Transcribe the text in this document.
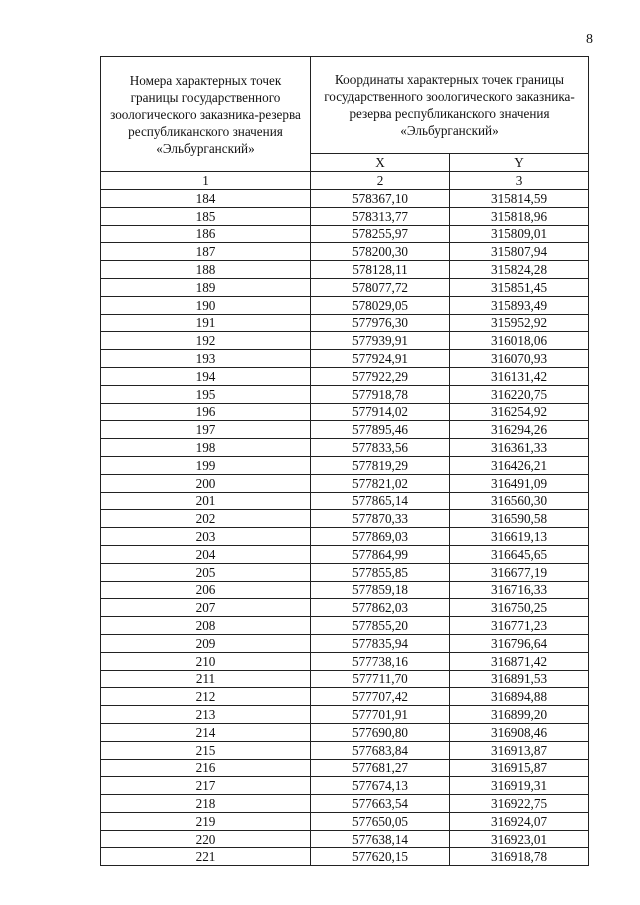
8
Номера характерных точек границы государственного зоологического заказника-резерва республиканского значения «Эльбурганский»	Координаты характерных точек границы государственного зоологического заказника-резерва республиканского значения «Эльбурганский»	

	X	Y
1	2	3
184	578367,10	315814,59
185	578313,77	315818,96
186	578255,97	315809,01
187	578200,30	315807,94
188	578128,11	315824,28
189	578077,72	315851,45
190	578029,05	315893,49
191	577976,30	315952,92
192	577939,91	316018,06
193	577924,91	316070,93
194	577922,29	316131,42
195	577918,78	316220,75
196	577914,02	316254,92
197	577895,46	316294,26
198	577833,56	316361,33
199	577819,29	316426,21
200	577821,02	316491,09
201	577865,14	316560,30
202	577870,33	316590,58
203	577869,03	316619,13
204	577864,99	316645,65
205	577855,85	316677,19
206	577859,18	316716,33
207	577862,03	316750,25
208	577855,20	316771,23
209	577835,94	316796,64
210	577738,16	316871,42
211	577711,70	316891,53
212	577707,42	316894,88
213	577701,91	316899,20
214	577690,80	316908,46
215	577683,84	316913,87
216	577681,27	316915,87
217	577674,13	316919,31
218	577663,54	316922,75
219	577650,05	316924,07
220	577638,14	316923,01
221	577620,15	316918,78
